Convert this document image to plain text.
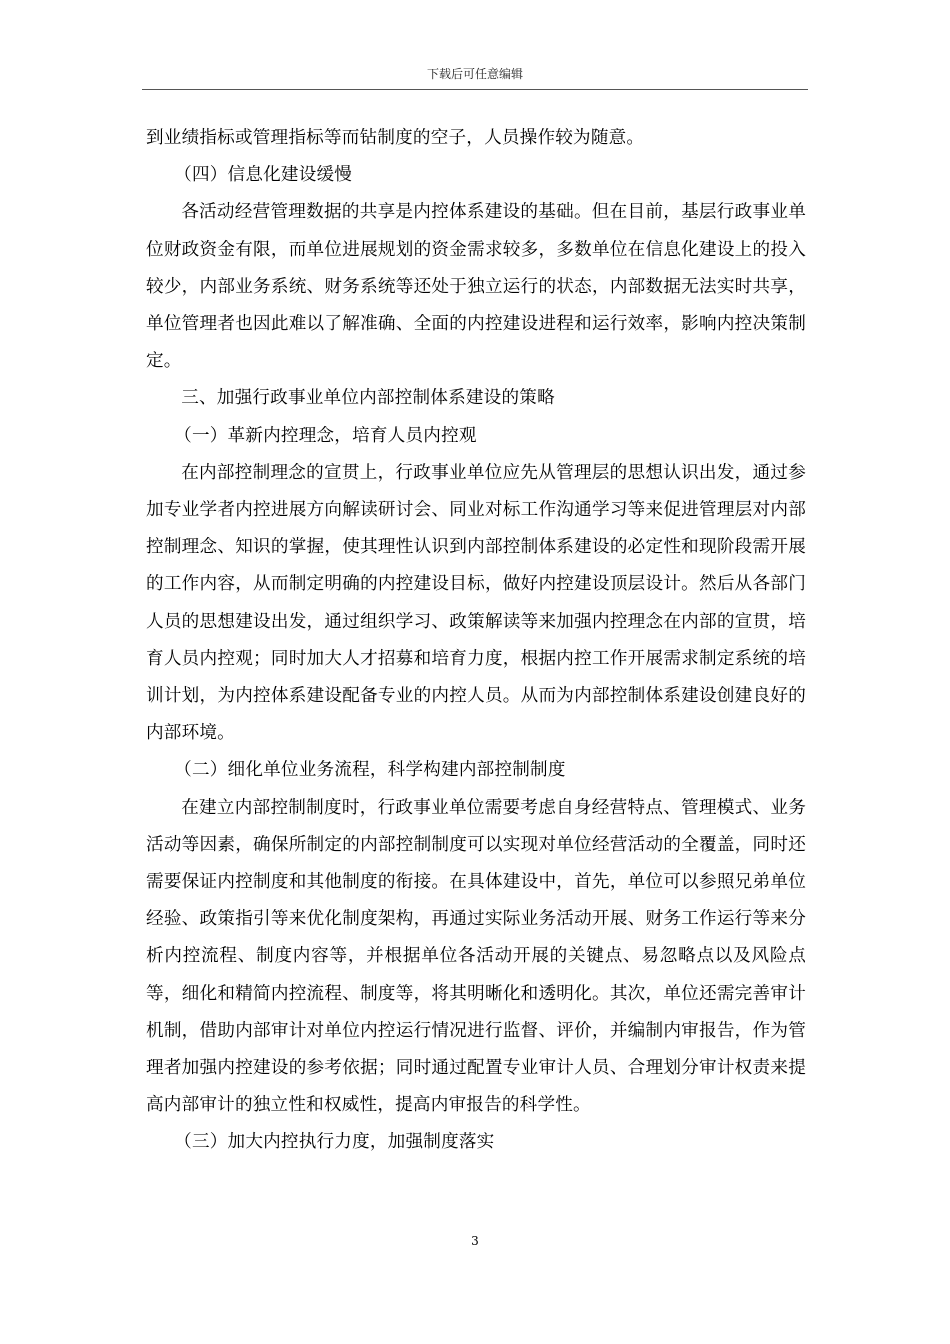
下载后可任意编辑

到业绩指标或管理指标等而钻制度的空子，人员操作较为随意。

（四）信息化建设缓慢

各活动经营管理数据的共享是内控体系建设的基础。但在目前，基层行政事业单位财政资金有限，而单位进展规划的资金需求较多，多数单位在信息化建设上的投入较少，内部业务系统、财务系统等还处于独立运行的状态，内部数据无法实时共享，单位管理者也因此难以了解准确、全面的内控建设进程和运行效率，影响内控决策制定。

三、加强行政事业单位内部控制体系建设的策略

（一）革新内控理念，培育人员内控观

在内部控制理念的宣贯上，行政事业单位应先从管理层的思想认识出发，通过参加专业学者内控进展方向解读研讨会、同业对标工作沟通学习等来促进管理层对内部控制理念、知识的掌握，使其理性认识到内部控制体系建设的必定性和现阶段需开展的工作内容，从而制定明确的内控建设目标，做好内控建设顶层设计。然后从各部门人员的思想建设出发，通过组织学习、政策解读等来加强内控理念在内部的宣贯，培育人员内控观；同时加大人才招募和培育力度，根据内控工作开展需求制定系统的培训计划，为内控体系建设配备专业的内控人员。从而为内部控制体系建设创建良好的内部环境。

（二）细化单位业务流程，科学构建内部控制制度

在建立内部控制制度时，行政事业单位需要考虑自身经营特点、管理模式、业务活动等因素，确保所制定的内部控制制度可以实现对单位经营活动的全覆盖，同时还需要保证内控制度和其他制度的衔接。在具体建设中，首先，单位可以参照兄弟单位经验、政策指引等来优化制度架构，再通过实际业务活动开展、财务工作运行等来分析内控流程、制度内容等，并根据单位各活动开展的关键点、易忽略点以及风险点等，细化和精简内控流程、制度等，将其明晰化和透明化。其次，单位还需完善审计机制，借助内部审计对单位内控运行情况进行监督、评价，并编制内审报告，作为管理者加强内控建设的参考依据；同时通过配置专业审计人员、合理划分审计权责来提高内部审计的独立性和权威性，提高内审报告的科学性。

（三）加大内控执行力度，加强制度落实

3
